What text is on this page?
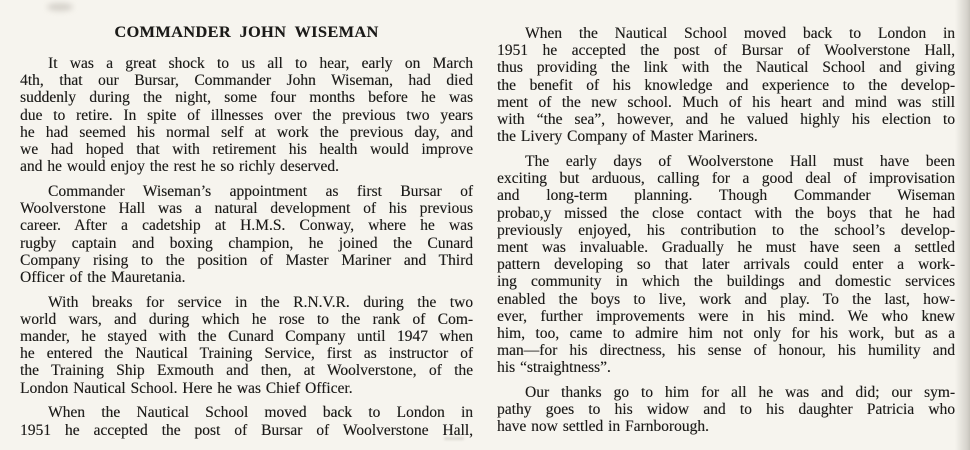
COMMANDER JOHN WISEMAN
It was a great shock to us all to hear, early on March
4th, that our Bursar, Commander John Wiseman, had died
suddenly during the night, some four months before he was
due to retire. In spite of illnesses over the previous two years
he had seemed his normal self at work the previous day, and
we had hoped that with retirement his health would improve
and he would enjoy the rest he so richly deserved.
Commander Wiseman’s appointment as first Bursar of
Woolverstone Hall was a natural development of his previous
career. After a cadetship at H.M.S. Conway, where he was
rugby captain and boxing champion, he joined the Cunard
Company rising to the position of Master Mariner and Third
Officer of the Mauretania.
With breaks for service in the R.N.V.R. during the two
world wars, and during which he rose to the rank of Com-
mander, he stayed with the Cunard Company until 1947 when
he entered the Nautical Training Service, first as instructor of
the Training Ship Exmouth and then, at Woolverstone, of the
London Nautical School. Here he was Chief Officer.
When the Nautical School moved back to London in
1951 he accepted the post of Bursar of Woolverstone Hall,
When the Nautical School moved back to London in
1951 he accepted the post of Bursar of Woolverstone Hall,
thus providing the link with the Nautical School and giving
the benefit of his knowledge and experience to the develop-
ment of the new school. Much of his heart and mind was still
with “the sea”, however, and he valued highly his election to
the Livery Company of Master Mariners.
The early days of Woolverstone Hall must have been
exciting but arduous, calling for a good deal of improvisation
and long-term planning. Though Commander Wiseman
probaʋ,y missed the close contact with the boys that he had
previously enjoyed, his contribution to the school’s develop-
ment was invaluable. Gradually he must have seen a settled
pattern developing so that later arrivals could enter a work-
ing community in which the buildings and domestic services
enabled the boys to live, work and play. To the last, how-
ever, further improvements were in his mind. We who knew
him, too, came to admire him not only for his work, but as a
man—for his directness, his sense of honour, his humility and
his “straightness”.
Our thanks go to him for all he was and did; our sym-
pathy goes to his widow and to his daughter Patricia who
have now settled in Farnborough.
